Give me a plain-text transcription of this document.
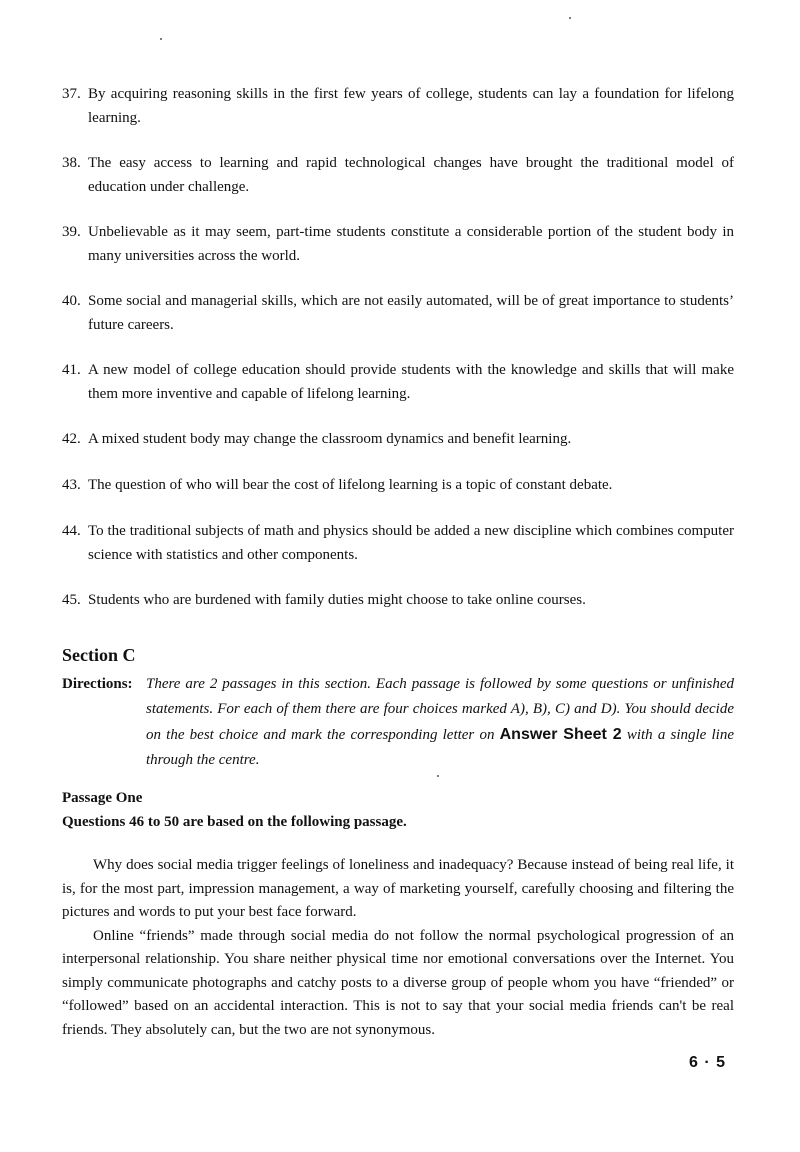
37. By acquiring reasoning skills in the first few years of college, students can lay a foundation for lifelong learning.
38. The easy access to learning and rapid technological changes have brought the traditional model of education under challenge.
39. Unbelievable as it may seem, part-time students constitute a considerable portion of the student body in many universities across the world.
40. Some social and managerial skills, which are not easily automated, will be of great importance to students’ future careers.
41. A new model of college education should provide students with the knowledge and skills that will make them more inventive and capable of lifelong learning.
42. A mixed student body may change the classroom dynamics and benefit learning.
43. The question of who will bear the cost of lifelong learning is a topic of constant debate.
44. To the traditional subjects of math and physics should be added a new discipline which combines computer science with statistics and other components.
45. Students who are burdened with family duties might choose to take online courses.
Section C
Directions: There are 2 passages in this section. Each passage is followed by some questions or unfinished statements. For each of them there are four choices marked A), B), C) and D). You should decide on the best choice and mark the corresponding letter on Answer Sheet 2 with a single line through the centre.
Passage One
Questions 46 to 50 are based on the following passage.

Why does social media trigger feelings of loneliness and inadequacy? Because instead of being real life, it is, for the most part, impression management, a way of marketing yourself, carefully choosing and filtering the pictures and words to put your best face forward.

Online “friends” made through social media do not follow the normal psychological progression of an interpersonal relationship. You share neither physical time nor emotional conversations over the Internet. You simply communicate photographs and catchy posts to a diverse group of people whom you have “friended” or “followed” based on an accidental interaction. This is not to say that your social media friends can't be real friends. They absolutely can, but the two are not synonymous.

6 · 5
